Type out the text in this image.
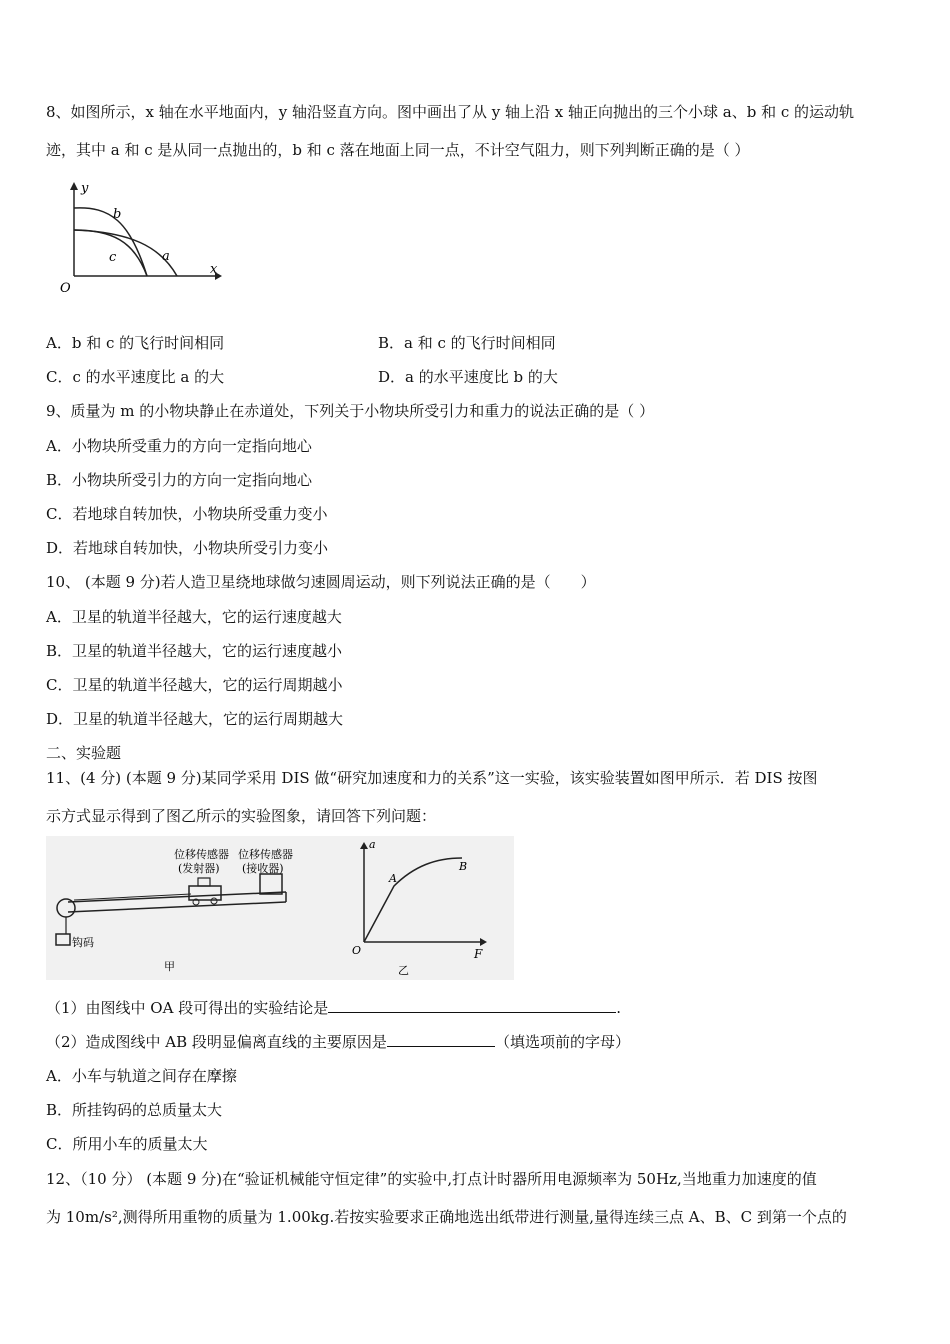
8、如图所示，x 轴在水平地面内，y 轴沿竖直方向。图中画出了从 y 轴上沿 x 轴正向抛出的三个小球 a、b 和 c 的运动轨
迹，其中 a 和 c 是从同一点抛出的，b 和 c 落在地面上同一点，不计空气阻力，则下列判断正确的是（ ）
y
x
O
b
c	a
A．b 和 c 的飞行时间相同	B．a 和 c 的飞行时间相同
C．c 的水平速度比 a 的大	D．a 的水平速度比 b 的大
9、质量为 m 的小物块静止在赤道处，下列关于小物块所受引力和重力的说法正确的是（ ）
A．小物块所受重力的方向一定指向地心
B．小物块所受引力的方向一定指向地心
C．若地球自转加快，小物块所受重力变小
D．若地球自转加快，小物块所受引力变小
10、 (本题 9 分)若人造卫星绕地球做匀速圆周运动，则下列说法正确的是（　　）
A．卫星的轨道半径越大，它的运行速度越大
B．卫星的轨道半径越大，它的运行速度越小
C．卫星的轨道半径越大，它的运行周期越小
D．卫星的轨道半径越大，它的运行周期越大
二、实验题
11、(4 分) (本题 9 分)某同学采用 DIS 做“研究加速度和力的关系”这一实验，该实验装置如图甲所示．若 DIS 按图
示方式显示得到了图乙所示的实验图象，请回答下列问题：
位移传感器
(发射器)
位移传感器
(接收器)
钩码
甲
a
F
O
A
B
乙
（1）由图线中 OA 段可得出的实验结论是	.
（2）造成图线中 AB 段明显偏离直线的主要原因是	（填选项前的字母）
A．小车与轨道之间存在摩擦
B．所挂钩码的总质量太大
C．所用小车的质量太大
12、（10 分） (本题 9 分)在“验证机械能守恒定律”的实验中,打点计时器所用电源频率为 50Hz,当地重力加速度的值
为 10m/s²,测得所用重物的质量为 1.00kg.若按实验要求正确地选出纸带进行测量,量得连续三点 A、B、C 到第一个点的
